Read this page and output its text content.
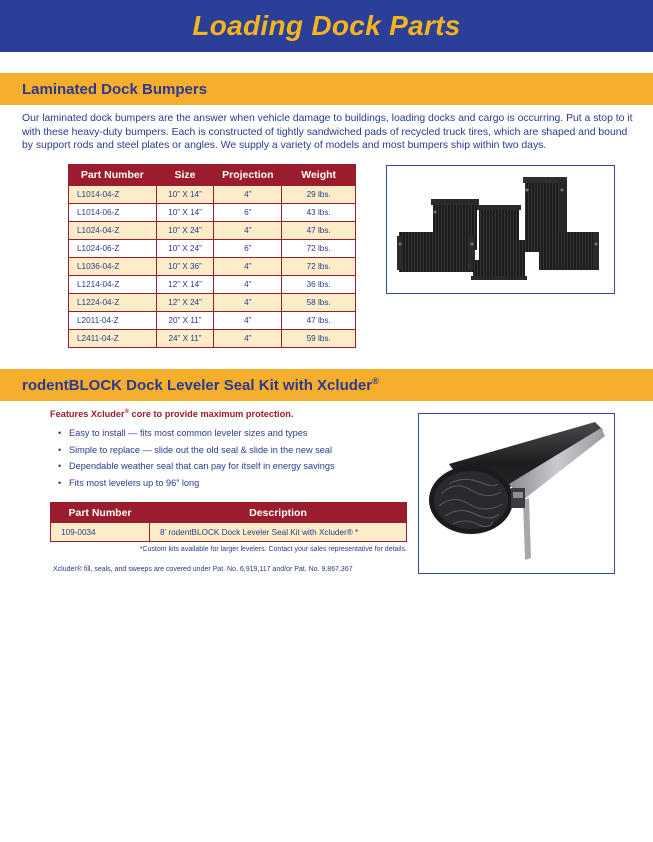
Loading Dock Parts
Laminated Dock Bumpers

Our laminated dock bumpers are the answer when vehicle damage to buildings, loading docks and cargo is occurring. Put a stop to it with these heavy-duty bumpers. Each is constructed of tightly sandwiched pads of recycled truck tires, which are shaped and bound by support rods and steel plates or angles. We supply a variety of models and most bumpers ship within two days.

Part Number	Size	Projection	Weight
L1014-04-Z	10” X 14”	4”	29 lbs.
L1014-06-Z	10” X 14”	6”	43 lbs.
L1024-04-Z	10” X 24”	4”	47 lbs.
L1024-06-Z	10” X 24”	6”	72 lbs.
L1036-04-Z	10” X 36”	4”	72 lbs.
L1214-04-Z	12” X 14”	4”	36 lbs.
L1224-04-Z	12” X 24”	4”	58 lbs.
L2011-04-Z	20” X 11”	4”	47 lbs.
L2411-04-Z	24” X 11”	4”	59 lbs.
rodentBLOCK Dock Leveler Seal Kit with Xcluder®
Features Xcluder® core to provide maximum protection.
• Easy to install — fits most common leveler sizes and types
• Simple to replace — slide out the old seal & slide in the new seal
• Dependable weather seal that can pay for itself in energy savings
• Fits most levelers up to 96” long
Part Number	Description
109-0034	8’ rodentBLOCK Dock Leveler Seal Kit with Xcluder® *
*Custom kits available for larger levelers. Contact your sales representative for details.
Xcluder® fill, seals, and sweeps are covered under Pat. No. 6,919,117 and/or Pat. No. 9,867,367
